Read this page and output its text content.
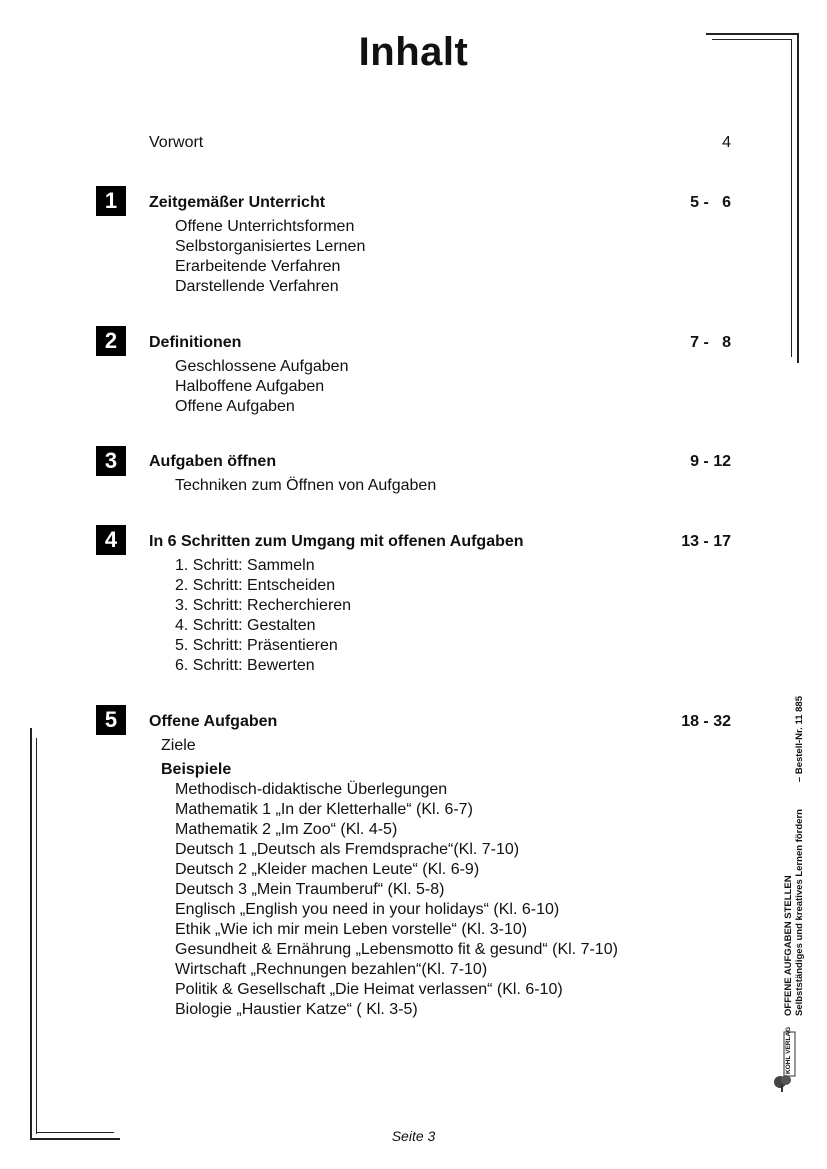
Inhalt
Vorwort	4
1	Zeitgemäßer Unterricht	5 -   6
Offene Unterrichtsformen
Selbstorganisiertes Lernen
Erarbeitende Verfahren
Darstellende Verfahren
2	Definitionen	7 -   8
Geschlossene Aufgaben
Halboffene Aufgaben
Offene Aufgaben
3	Aufgaben öffnen	9 - 12
Techniken zum Öffnen von Aufgaben
4	In 6 Schritten zum Umgang mit offenen Aufgaben	13 - 17
1. Schritt: Sammeln
2. Schritt: Entscheiden
3. Schritt: Recherchieren
4. Schritt: Gestalten
5. Schritt: Präsentieren
6. Schritt: Bewerten
5	Offene Aufgaben	18 - 32
Ziele
Beispiele
Methodisch-didaktische Überlegungen
Mathematik 1 „In der Kletterhalle“ (Kl. 6-7)
Mathematik 2 „Im Zoo“ (Kl. 4-5)
Deutsch 1 „Deutsch als Fremdsprache“(Kl. 7-10)
Deutsch 2 „Kleider machen Leute“ (Kl. 6-9)
Deutsch 3 „Mein Traumberuf“ (Kl. 5-8)
Englisch „English you need in your holidays“ (Kl. 6-10)
Ethik „Wie ich mir mein Leben vorstelle“ (Kl. 3-10)
Gesundheit & Ernährung „Lebensmotto fit & gesund“ (Kl. 7-10)
Wirtschaft „Rechnungen bezahlen“(Kl. 7-10)
Politik & Gesellschaft „Die Heimat verlassen“ (Kl. 6-10)
Biologie „Haustier Katze“ ( Kl. 3-5)	OFFENE AUFGABEN STELLEN Selbstständiges und kreatives Lernen fördern
– Bestell-Nr. 11 885
KOHL VERLAG
Seite 3
